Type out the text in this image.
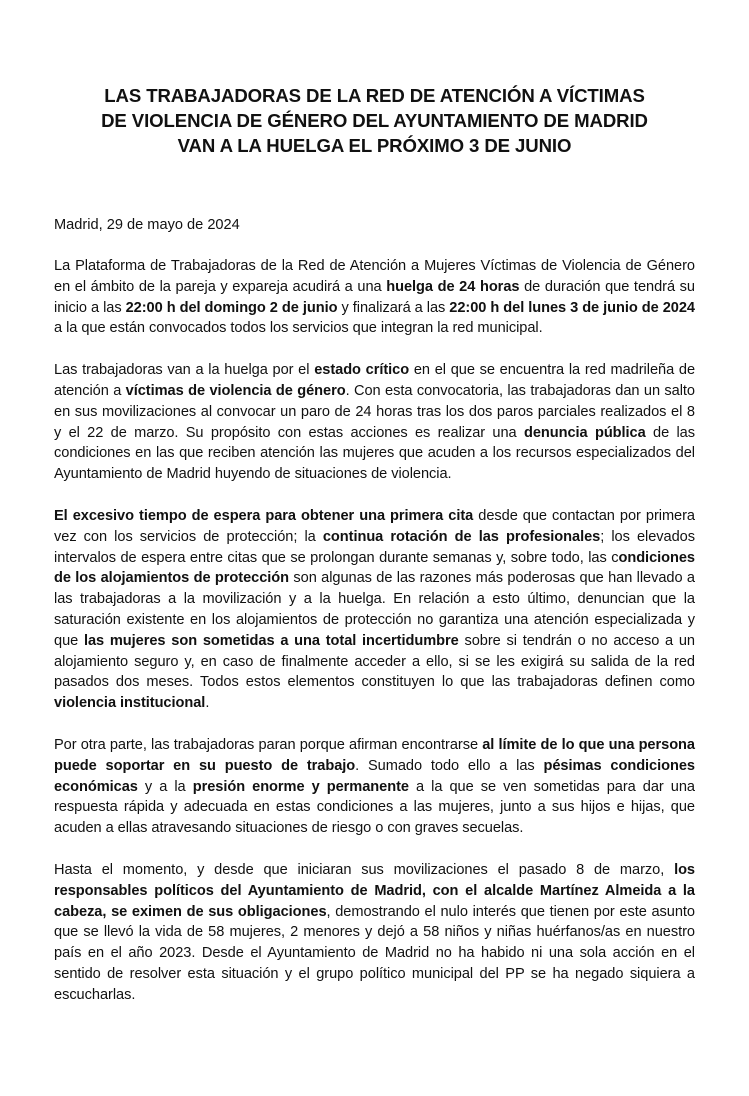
LAS TRABAJADORAS DE LA RED DE ATENCIÓN A VÍCTIMAS
DE VIOLENCIA DE GÉNERO DEL AYUNTAMIENTO DE MADRID
VAN A LA HUELGA EL PRÓXIMO 3 DE JUNIO

Madrid, 29 de mayo de 2024

La Plataforma de Trabajadoras de la Red de Atención a Mujeres Víctimas de Violencia de Género en el ámbito de la pareja y expareja acudirá a una huelga de 24 horas de duración que tendrá su inicio a las 22:00 h del domingo 2 de junio y finalizará a las 22:00 h del lunes 3 de junio de 2024 a la que están convocados todos los servicios que integran la red municipal.

Las trabajadoras van a la huelga por el estado crítico en el que se encuentra la red madrileña de atención a víctimas de violencia de género. Con esta convocatoria, las trabajadoras dan un salto en sus movilizaciones al convocar un paro de 24 horas tras los dos paros parciales realizados el 8 y el 22 de marzo. Su propósito con estas acciones es realizar una denuncia pública de las condiciones en las que reciben atención las mujeres que acuden a los recursos especializados del Ayuntamiento de Madrid huyendo de situaciones de violencia.

El excesivo tiempo de espera para obtener una primera cita desde que contactan por primera vez con los servicios de protección; la continua rotación de las profesionales; los elevados intervalos de espera entre citas que se prolongan durante semanas y, sobre todo, las condiciones de los alojamientos de protección son algunas de las razones más poderosas que han llevado a las trabajadoras a la movilización y a la huelga. En relación a esto último, denuncian que la saturación existente en los alojamientos de protección no garantiza una atención especializada y que las mujeres son sometidas a una total incertidumbre sobre si tendrán o no acceso a un alojamiento seguro y, en caso de finalmente acceder a ello, si se les exigirá su salida de la red pasados dos meses. Todos estos elementos constituyen lo que las trabajadoras definen como violencia institucional.

Por otra parte, las trabajadoras paran porque afirman encontrarse al límite de lo que una persona puede soportar en su puesto de trabajo. Sumado todo ello a las pésimas condiciones económicas y a la presión enorme y permanente a la que se ven sometidas para dar una respuesta rápida y adecuada en estas condiciones a las mujeres, junto a sus hijos e hijas, que acuden a ellas atravesando situaciones de riesgo o con graves secuelas.

Hasta el momento, y desde que iniciaran sus movilizaciones el pasado 8 de marzo, los responsables políticos del Ayuntamiento de Madrid, con el alcalde Martínez Almeida a la cabeza, se eximen de sus obligaciones, demostrando el nulo interés que tienen por este asunto que se llevó la vida de 58 mujeres, 2 menores y dejó a 58 niños y niñas huérfanos/as en nuestro país en el año 2023. Desde el Ayuntamiento de Madrid no ha habido ni una sola acción en el sentido de resolver esta situación y el grupo político municipal del PP se ha negado siquiera a escucharlas.
